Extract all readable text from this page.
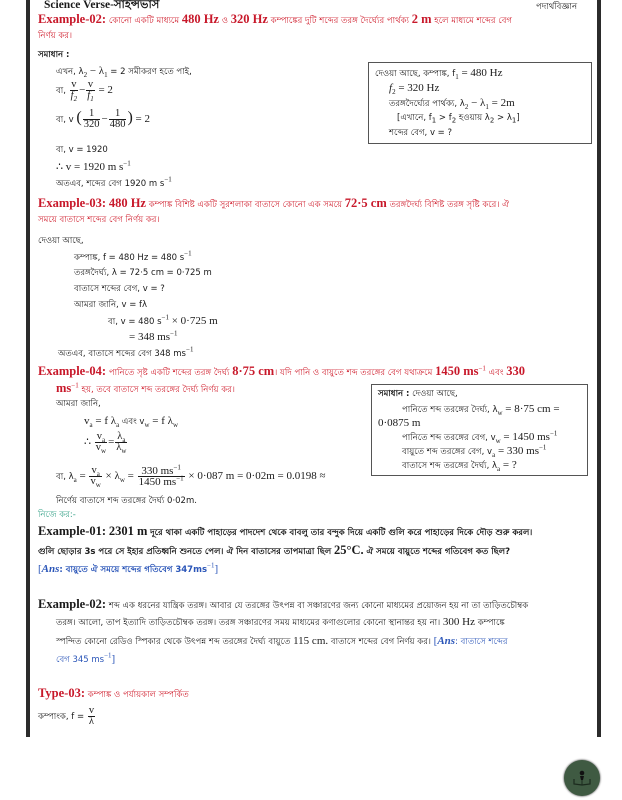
Science Verse-সাইন্সভার্স	পদার্থবিজ্ঞান
Example-02: কোনো একটি মাধ্যমে 480 Hz ও 320 Hz কম্পাঙ্কের দুটি শব্দের তরঙ্গ দৈর্ঘ্যের পার্থক্য 2 m হলে মাধ্যমে শব্দের বেগ
নির্ণয় কর।
সমাধান :
এখন, $\lambda_2 - \lambda_1 = 2$ সমীকরণ হতে পাই,
বা, $\frac{v}{f_2} - \frac{v}{f_1} = 2$
বা, v ( $\frac{1}{320} - \frac{1}{480}$ ) = 2
বা, v = 1920
∴ v = 1920 m $s^{-1}$
অতএব, শব্দের বেগ 1920 m $s^{-1}$
দেওয়া আছে, কম্পাঙ্ক, $f_1 = 480$ Hz
$f_2 = 320$ Hz
তরঙ্গদৈর্ঘ্যের পার্থক্য, $\lambda_2 - \lambda_1 = 2m$
[এখানে, $f_1 > f_2$ হওয়ায় $\lambda_2 > \lambda_1$]
শব্দের বেগ, v = ?
Example-03: 480 Hz কম্পাঙ্ক বিশিষ্ট একটি সুরশলাকা বাতাসে কোনো এক সময়ে 72·5 cm তরঙ্গদৈর্ঘ্য বিশিষ্ট তরঙ্গ সৃষ্টি করে। ঐ
সময়ে বাতাসে শব্দের বেগ নির্ণয় কর।
দেওয়া আছে,
কম্পাঙ্ক, f = 480 Hz = 480 $s^{-1}$
তরঙ্গদৈর্ঘ্য, λ = 72·5 cm = 0·725 m
বাতাসে শব্দের বেগ, v = ?
আমরা জানি, v = fλ
বা, v = 480 $s^{-1} \times 0\cdot 725$ m
= 348 $ms^{-1}$
অতএব, বাতাসে শব্দের বেগ 348 $ms^{-1}$
Example-04: পানিতে সৃষ্ট একটি শব্দের তরঙ্গ দৈর্ঘ্য 8·75 cm। যদি পানি ও বায়ুতে শব্দ তরঙ্গের বেগ যথাক্রমে 1450 $ms^{-1}$ এবং 330
$ms^{-1}$ হয়, তবে বাতাসে শব্দ তরঙ্গের দৈর্ঘ্য নির্ণয় কর।
আমরা জানি,
$v_a = f$ $\lambda_a$ এবং $v_w = f$ $\lambda_w$
∴ $\frac{v_a}{v_w} = \frac{\lambda_a}{\lambda_w}$
বা, $\lambda_a = \frac{v_a}{v_w} \times \lambda_w = \frac{330 ms^{-1}}{1450 ms^{-1}} \times 0\cdot 087$ m = 0·02m = 0.0198 ≈
নির্ণেয় বাতাসে শব্দ তরঙ্গের দৈর্ঘ্য 0·02m.
সমাধান : দেওয়া আছে,
পানিতে শব্দ তরঙ্গের দৈর্ঘ্য, $\lambda_w = 8\cdot 75$ cm =
0·0875 m
পানিতে শব্দ তরঙ্গের বেগ, $v_w = 1450$ $ms^{-1}$
বায়ুতে শব্দ তরঙ্গের বেগ, $v_a = 330$ $ms^{-1}$
বাতাসে শব্দ তরঙ্গের দৈর্ঘ্য, $\lambda_a$ = ?
নিজে কর:-
Example-01: 2301 m দূরে থাকা একটি পাহাড়ের পাদদেশ থেকে বাবলু তার বন্দুক দিয়ে একটি গুলি করে পাহাড়ের দিকে দৌড় শুরু করল।
গুলি ছোড়ার 3s পরে সে ইহার প্রতিধ্বনি শুনতে পেল। ঐ দিন বাতাসের তাপমাত্রা ছিল 25°C. ঐ সময়ে বায়ুতে শব্দের গতিবেগ কত ছিল?
[Ans: বায়ুতে ঐ সময়ে শব্দের গতিবেগ $347ms^{-1}$]
Example-02: শব্দ এক ধরনের যান্ত্রিক তরঙ্গ। আবার যে তরঙ্গের উৎপন্ন বা সঞ্চারণের জন্য কোনো মাধ্যমের প্রয়োজন হয় না তা তাড়িতচৌম্বক
তরঙ্গ। আলো, তাপ ইত্যাদি তাড়িতচৌম্বক তরঙ্গ। তরঙ্গ সঞ্চারণের সময় মাধ্যমের কণাগুলোর কোনো স্থানান্তর হয় না। 300 Hz কম্পাঙ্কে
স্পন্দিত কোনো রেডিও স্পিকার থেকে উৎপন্ন শব্দ তরঙ্গের দৈর্ঘ্য বায়ুতে 115 cm. বাতাসে শব্দের বেগ নির্ণয় কর। [Ans: বাতাসে শব্দের
বেগ 345 $ms^{-1}$]
Type-03: কম্পাঙ্ক ও পর্যায়কাল সম্পর্কিত
কম্পাংক, $f = \frac{v}{\lambda}$
